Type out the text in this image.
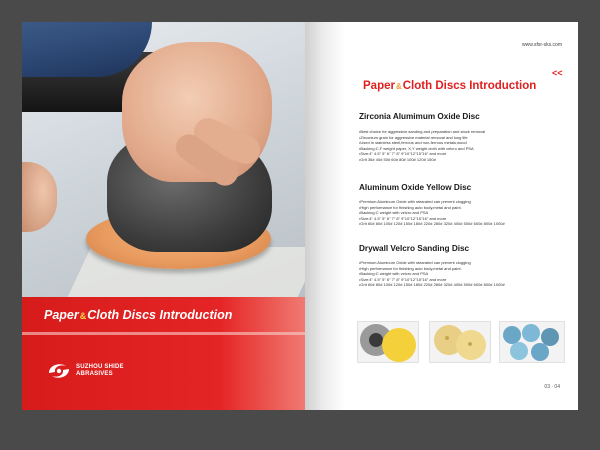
Paper&Cloth Discs Introduction
SUZHOU SHIDE
ABRASIVES
www.sfsr-sks.com
<<
Paper&Cloth Discs Introduction
Zirconia Alumimum Oxide Disc
•Best choice for aggressive sanding and preparation and stock removal
•Zirconium grain for aggressive material removal and long life
•Used in stainless steel,ferrous and non-ferrous metals,wood
•Backing:C,F weight paper, X,Y weight cloth with velcro and PSA
•Size:4" 4.5" 5" 6" 7" 8" 9"10"12"15"16" and more
•Grit 36# 40# 50# 60# 80# 100# 120# 150#
Aluminum Oxide Yellow Disc
•Premium Aluminum Oxide with stearated can prevent clogging
•High performance for finishing auto body,metal and paint.
•Backing:C weight with velcro and PSA
•Size:4" 4.5" 5" 6" 7" 8" 9"10"12"15"16" and more
•Grit 60# 80# 100# 120# 150# 180# 220# 280# 320# 400# 500# 600# 800# 1000#
Drywall Velcro Sanding Disc
•Premium Aluminum Oxide with stearated can prevent clogging
•High performance for finishing auto body,metal and paint.
•Backing:C weight with velcro and PSA
•Size:4" 4.5" 5" 6" 7" 8" 9"10"12"15"16" and more
•Grit 60# 80# 100# 120# 150# 180# 220# 280# 320# 400# 500# 600# 800# 1000#
03 · 04
